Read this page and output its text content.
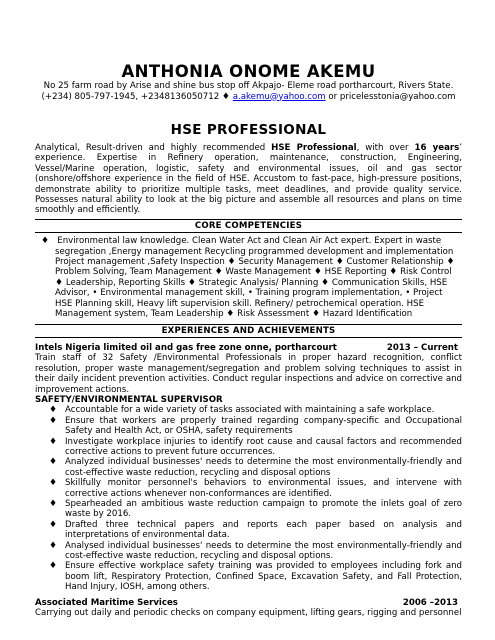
ANTHONIA ONOME AKEMU
No 25 farm road by Arise and shine bus stop off Akpajo- Eleme road portharcourt, Rivers State.
(+234) 805-797-1945, +2348136050712 ♦ a.akemu@yahoo.com or pricelesstonia@yahoo.com
HSE PROFESSIONAL

Analytical, Result-driven and highly recommended HSE Professional, with over 16 years’ experience. Expertise in Refinery operation, maintenance, construction, Engineering, Vessel/Marine operation, logistic, safety and environmental issues, oil and gas sector (onshore/offshore experience in the field of HSE. Accustom to fast-pace, high-pressure positions, demonstrate ability to prioritize multiple tasks, meet deadlines, and provide quality service. Possesses natural ability to look at the big picture and assemble all resources and plans on time smoothly and efficiently.

CORE COMPETENCIES

♦ Environmental law knowledge. Clean Water Act and Clean Air Act expert. Expert in waste segregation ,Energy management Recycling programmed development and implementation Project management ,Safety Inspection ♦ Security Management ♦ Customer Relationship ♦ Problem Solving, Team Management ♦ Waste Management ♦ HSE Reporting ♦ Risk Control ♦ Leadership, Reporting Skills ♦ Strategic Analysis/ Planning ♦ Communication Skills, HSE Advisor, • Environmental management skill, • Training program implementation, • Project HSE Planning skill, Heavy lift supervision skill. Refinery/ petrochemical operation. HSE Management system, Team Leadership ♦ Risk Assessment ♦ Hazard Identification

EXPERIENCES AND ACHIEVEMENTS
Intels Nigeria limited oil and gas free zone onne, portharcourt	2013 – Current
Train staff of 32 Safety /Environmental Professionals in proper hazard recognition, conflict resolution, proper waste management/segregation and problem solving techniques to assist in their daily incident prevention activities. Conduct regular inspections and advice on corrective and improvement actions.
SAFETY/ENVIRONMENTAL SUPERVISOR
♦ Accountable for a wide variety of tasks associated with maintaining a safe workplace.
♦ Ensure that workers are properly trained regarding company-specific and Occupational Safety and Health Act, or OSHA, safety requirements
♦ Investigate workplace injuries to identify root cause and causal factors and recommended corrective actions to prevent future occurrences.
♦ Analyzed individual businesses' needs to determine the most environmentally-friendly and cost-effective waste reduction, recycling and disposal options
♦ Skillfully monitor personnel's behaviors to environmental issues, and intervene with corrective actions whenever non-conformances are identified.
♦ Spearheaded an ambitious waste reduction campaign to promote the inlets goal of zero waste by 2016.
♦ Drafted three technical papers and reports each paper based on analysis and interpretations of environmental data.
♦ Analysed individual businesses' needs to determine the most environmentally-friendly and cost-effective waste reduction, recycling and disposal options.
♦ Ensure effective workplace safety training was provided to employees including fork and boom lift, Respiratory Protection, Confined Space, Excavation Safety, and Fall Protection, Hand Injury, IOSH, among others.
Associated Maritime Services	2006 –2013
Carrying out daily and periodic checks on company equipment, lifting gears, rigging and personnel
